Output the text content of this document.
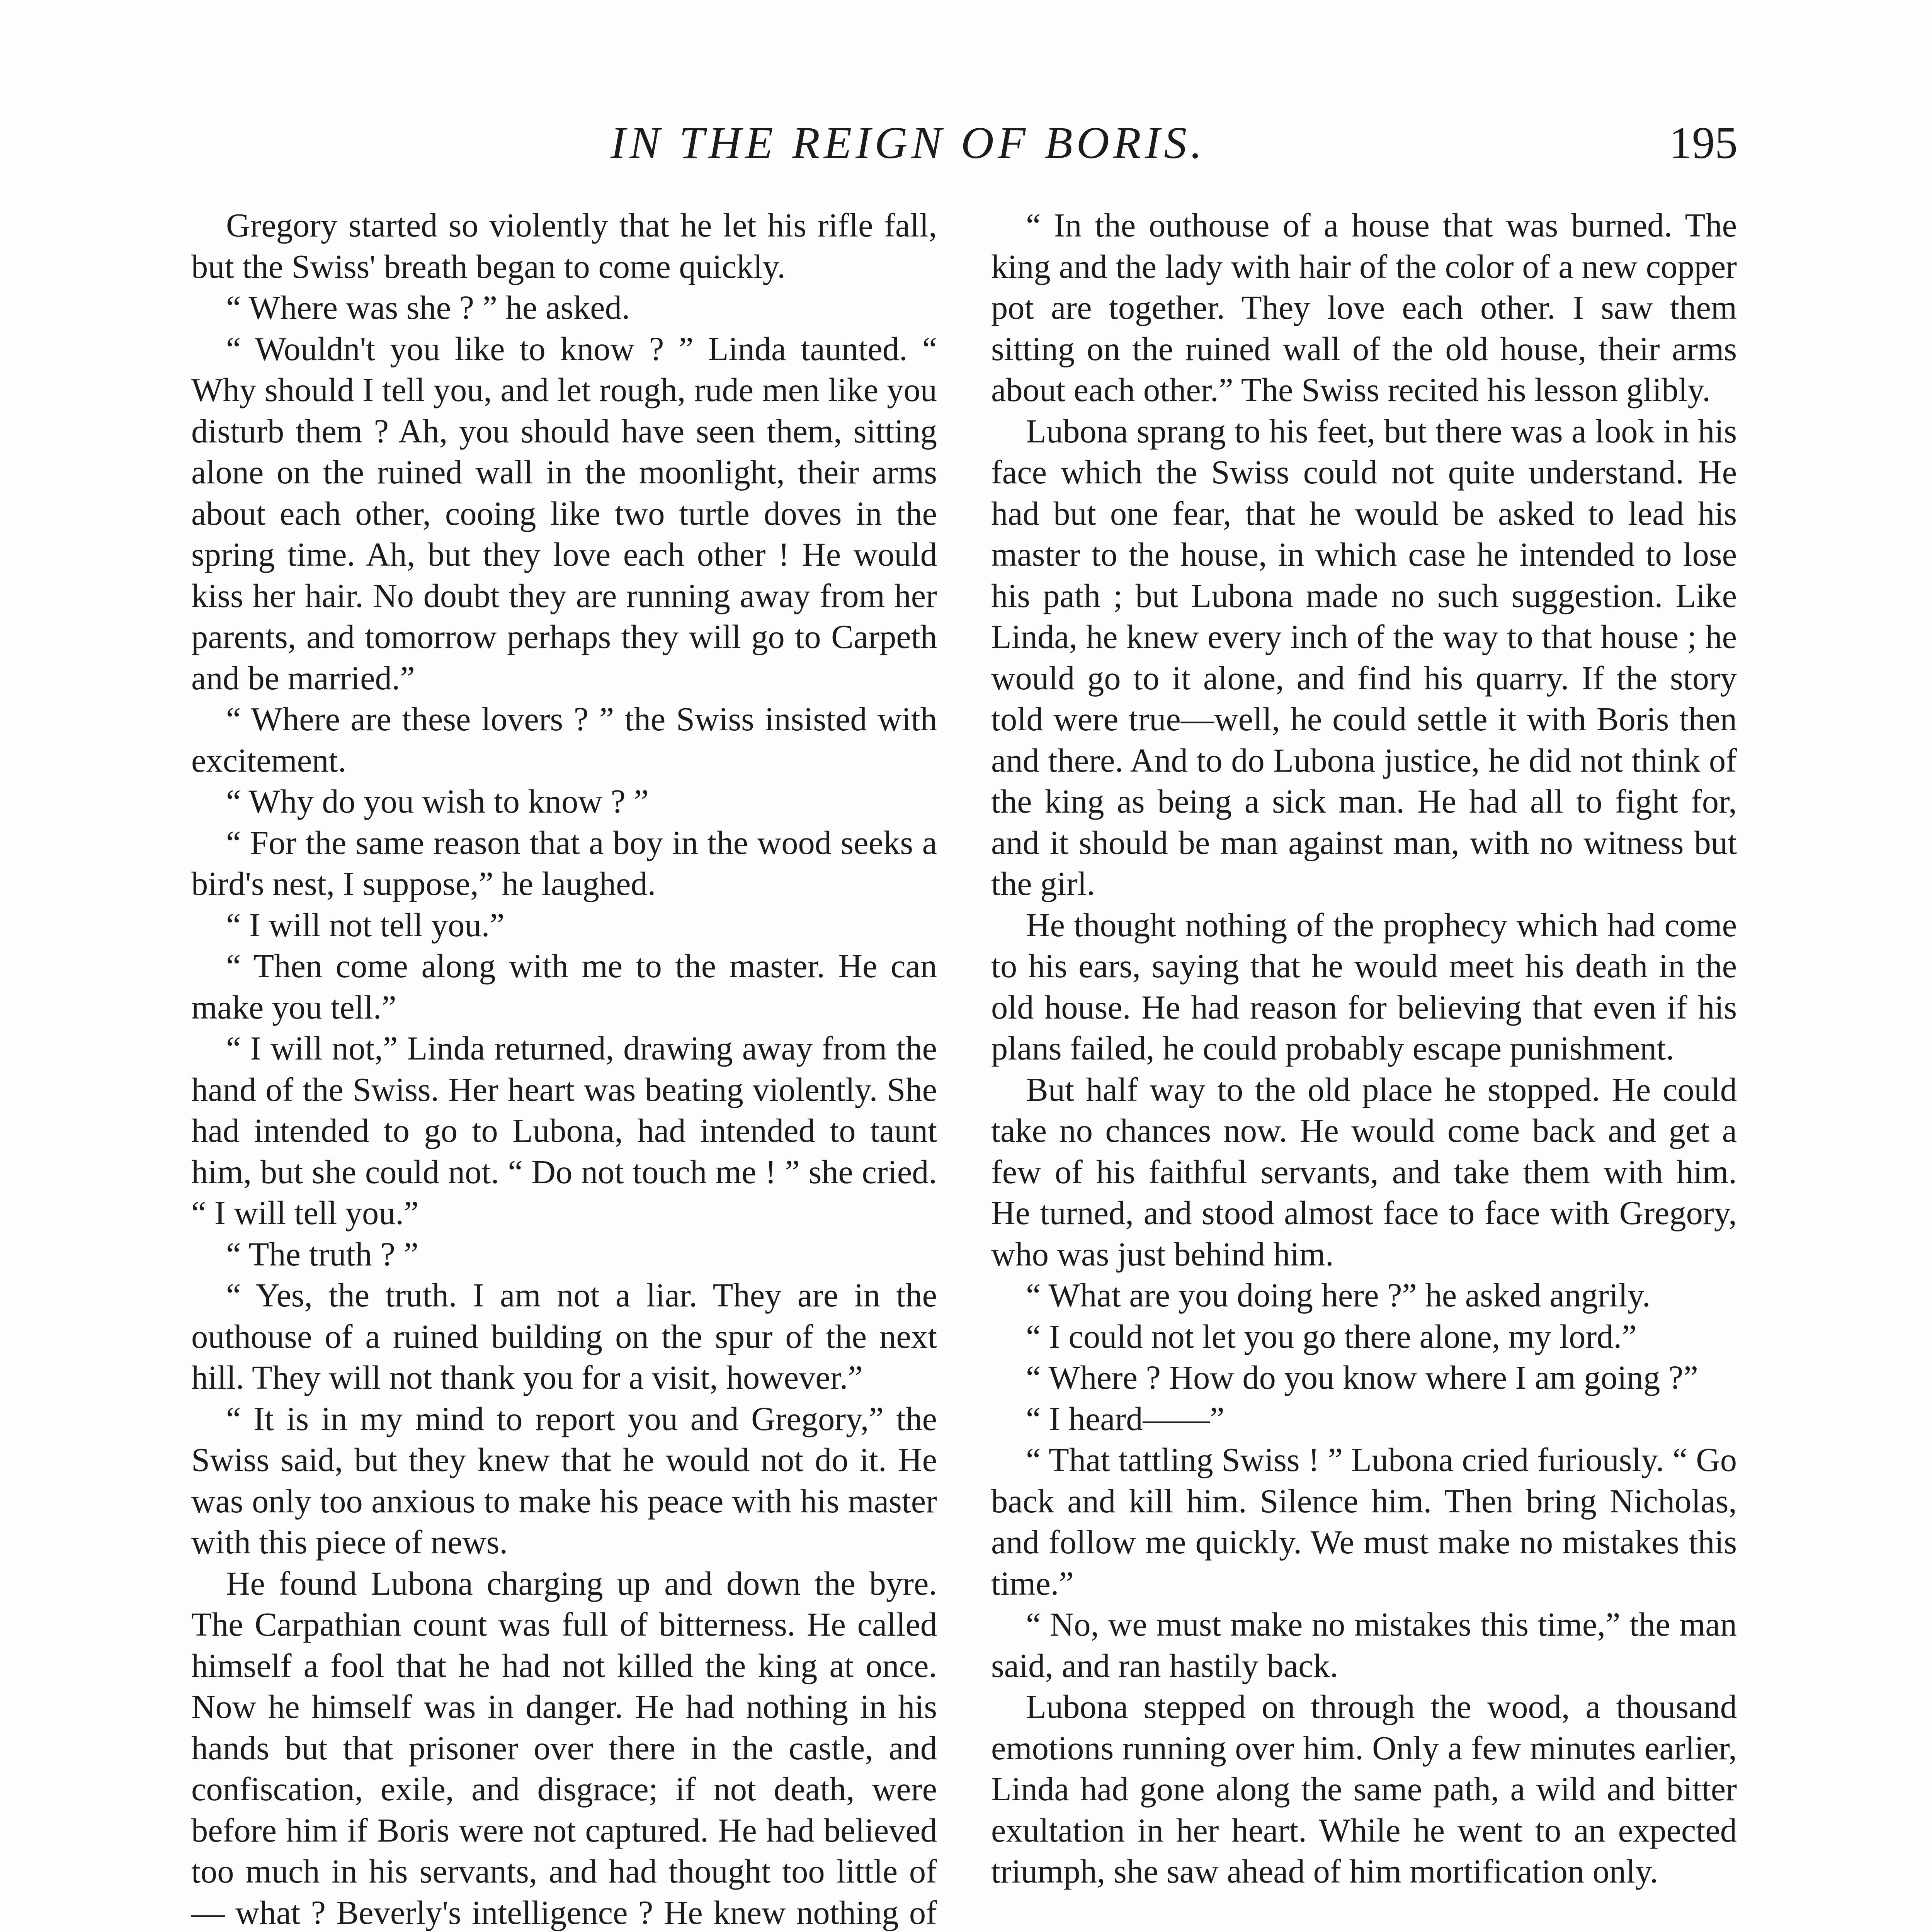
IN THE REIGN OF BORIS.	195

Gregory started so violently that he let his rifle fall, but the Swiss' breath began to come quickly.

“ Where was she ? ” he asked.

“ Wouldn't you like to know ? ” Linda taunted. “ Why should I tell you, and let rough, rude men like you disturb them ? Ah, you should have seen them, sitting alone on the ruined wall in the moonlight, their arms about each other, cooing like two turtle doves in the spring time. Ah, but they love each other ! He would kiss her hair. No doubt they are running away from her parents, and tomorrow perhaps they will go to Carpeth and be married.”

“ Where are these lovers ? ” the Swiss insisted with excitement.

“ Why do you wish to know ? ”

“ For the same reason that a boy in the wood seeks a bird's nest, I suppose,” he laughed.

“ I will not tell you.”

“ Then come along with me to the master. He can make you tell.”

“ I will not,” Linda returned, drawing away from the hand of the Swiss. Her heart was beating violently. She had intended to go to Lubona, had intended to taunt him, but she could not. “ Do not touch me ! ” she cried. “ I will tell you.”

“ The truth ? ”

“ Yes, the truth. I am not a liar. They are in the outhouse of a ruined building on the spur of the next hill. They will not thank you for a visit, however.”

“ It is in my mind to report you and Gregory,” the Swiss said, but they knew that he would not do it. He was only too anxious to make his peace with his master with this piece of news.

He found Lubona charging up and down the byre. The Carpathian count was full of bitterness. He called himself a fool that he had not killed the king at once. Now he himself was in danger. He had nothing in his hands but that prisoner over there in the castle, and confiscation, exile, and disgrace; if not death, were before him if Boris were not captured. He had believed too much in his servants, and had thought too little of — what ? Beverly's intelligence ? He knew nothing of

“ In the outhouse of a house that was burned. The king and the lady with hair of the color of a new copper pot are together. They love each other. I saw them sitting on the ruined wall of the old house, their arms about each other.” The Swiss recited his lesson glibly.

Lubona sprang to his feet, but there was a look in his face which the Swiss could not quite understand. He had but one fear, that he would be asked to lead his master to the house, in which case he intended to lose his path ; but Lubona made no such suggestion. Like Linda, he knew every inch of the way to that house ; he would go to it alone, and find his quarry. If the story told were true—well, he could settle it with Boris then and there. And to do Lubona justice, he did not think of the king as being a sick man. He had all to fight for, and it should be man against man, with no witness but the girl.

He thought nothing of the prophecy which had come to his ears, saying that he would meet his death in the old house. He had reason for believing that even if his plans failed, he could probably escape punishment.

But half way to the old place he stopped. He could take no chances now. He would come back and get a few of his faithful servants, and take them with him. He turned, and stood almost face to face with Gregory, who was just behind him.

“ What are you doing here ?” he asked angrily.

“ I could not let you go there alone, my lord.”

“ Where ? How do you know where I am going ?”

“ I heard——”

“ That tattling Swiss ! ” Lubona cried furiously. “ Go back and kill him. Silence him. Then bring Nicholas, and follow me quickly. We must make no mistakes this time.”

“ No, we must make no mistakes this time,” the man said, and ran hastily back.

Lubona stepped on through the wood, a thousand emotions running over him. Only a few minutes earlier, Linda had gone along the same path, a wild and bitter exultation in her heart. While he went to an expected triumph, she saw ahead of him mortification only.
